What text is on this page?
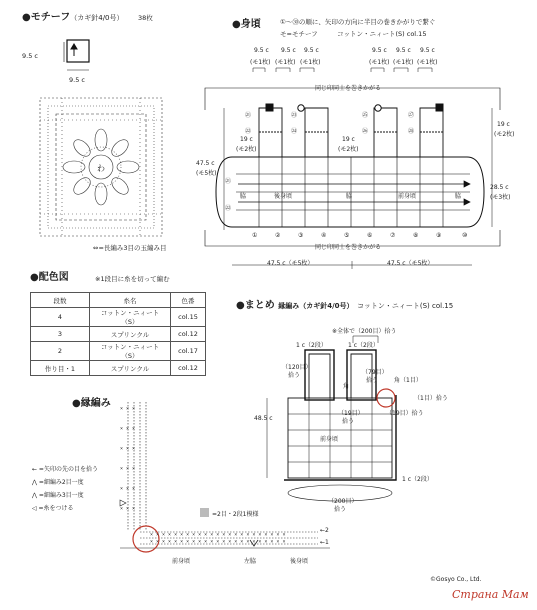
●モチーフ（カギ針4/0号） 38枚
9.5 c
9.5 c
⇔=長編み3目の玉編み目
わ
× × ×
× × ×
× × ×
× × ×
× × ×
× × ×
× × × × × × × × × × × × × × × × × × × × × × ×
× × × × × × × × × × × × × × × × × × × × × × ×
●身頃	①〜㉚の順に、矢印の方向に半目の巻きかがりで繋ぐ
モ=モチーフ　　　コットン・ニィート(S) col.15
9.5 c 9.5 c 9.5 c	9.5 c 9.5 c 9.5 c
(モ1枚) (モ1枚) (モ1枚)	(モ1枚) (モ1枚) (モ1枚)
同じ印同士を巻きかがる
同じ印同士を巻きかがる
19 c
(モ2枚)
19 c
(モ2枚)
19 c
(モ2枚)
47.5 c
(モ5枚)
28.5 c
(モ3枚)
脇	後身頃	脇	前身頃	脇
①	②	③	④	⑤	⑥	⑦	⑧	⑨	⑩
㉑
㉒
㉑
㉒
㉓
㉔
㉕
㉖
㉗
㉘
47.5 c（モ5枚）	47.5 c（モ5枚）
●配色図	※1段目に糸を切って編む
段数	糸名	色番
4	コットン・ニィート（S）	col.15
3	スプリンクル	col.12
2	コットン・ニィート（S）	col.17
作り目・1	スプリンクル	col.12
●まとめ 縁編み（カギ針4/0号） コットン・ニィート(S) col.15
※全体で（200目）拾う
1 c（2段）	1 c（2段）
（120目）
拾う	（79目）
拾う
角
角（1目）
（1目）拾う
（19目）
拾う
（19目）拾う
48.5 c
前身頃
1 c（2段）
（200目）
拾う
●縁編み
← =矢印の先の目を拾う
⋀ =細編み2目一度
⋀ =細編み3目一度
◁ =糸をつける
=2目・2段1模様
前身頃	左脇	後身頃
←2
←1
©Gosyo Co., Ltd.
Страна Мам
